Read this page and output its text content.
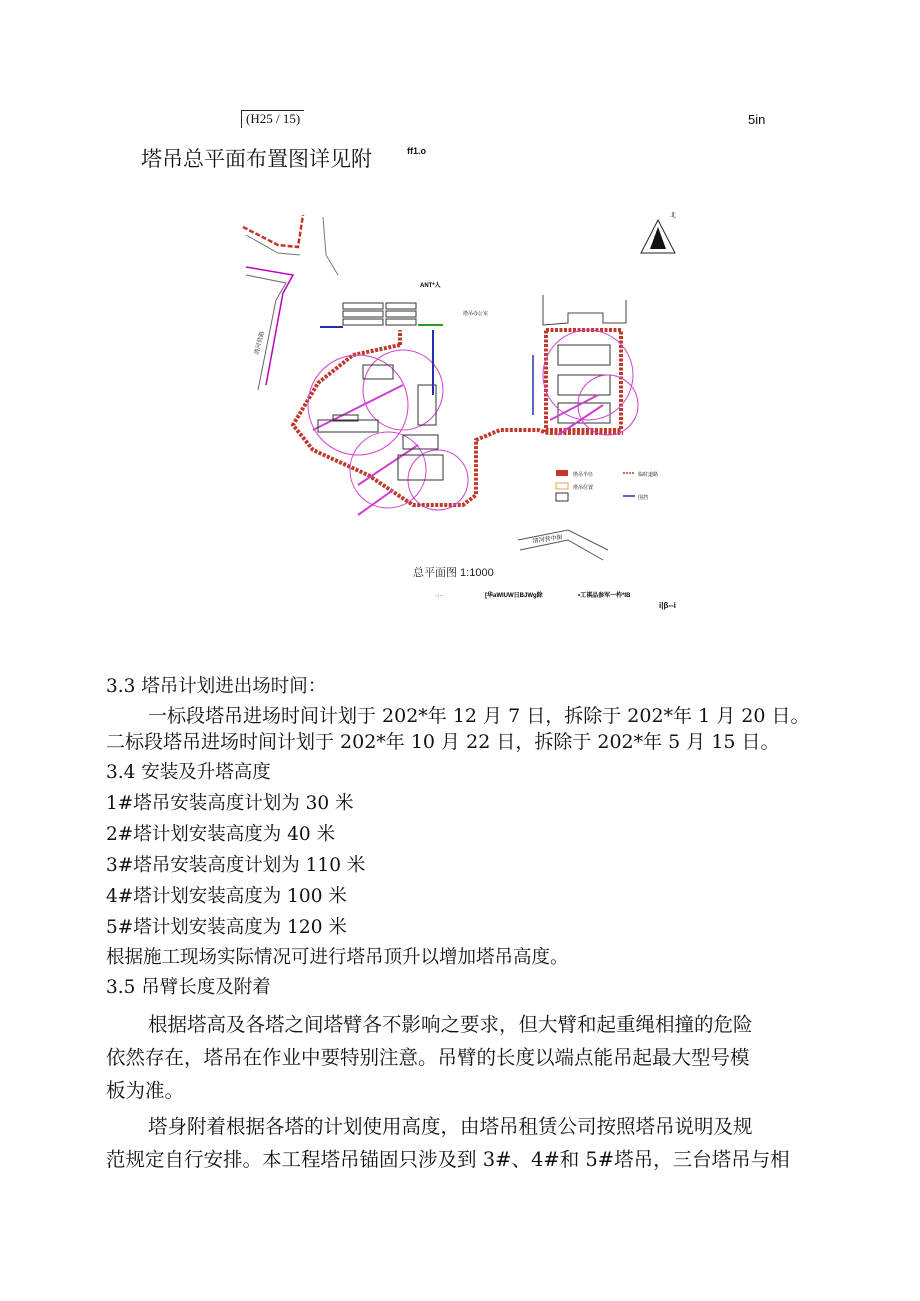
(H25 / 15)	5in
塔吊总平面布置图详见附	ff1.o
清河营路
北
ANT*人
塔吊办公室
塔吊半径	临时道路
塔吊位置
围挡
清河营中街
总平面图 1:1000
·:··	[华aWIUW日BJWg除	•工祺品参军一柞*IB
i|β--i
3.3 塔吊计划进出场时间：
一标段塔吊进场时间计划于 202*年 12 月 7 日，拆除于 202*年 1 月 20 日。
二标段塔吊进场时间计划于 202*年 10 月 22 日，拆除于 202*年 5 月 15 日。
3.4 安装及升塔高度
1#塔吊安装高度计划为 30 米
2#塔计划安装高度为 40 米
3#塔吊安装高度计划为 110 米
4#塔计划安装高度为 100 米
5#塔计划安装高度为 120 米
根据施工现场实际情况可进行塔吊顶升以增加塔吊高度。
3.5 吊臂长度及附着
根据塔高及各塔之间塔臂各不影响之要求，但大臂和起重绳相撞的危险
依然存在，塔吊在作业中要特别注意。吊臂的长度以端点能吊起最大型号模
板为准。
塔身附着根据各塔的计划使用高度，由塔吊租赁公司按照塔吊说明及规
范规定自行安排。本工程塔吊锚固只涉及到 3#、4#和 5#塔吊，三台塔吊与相
